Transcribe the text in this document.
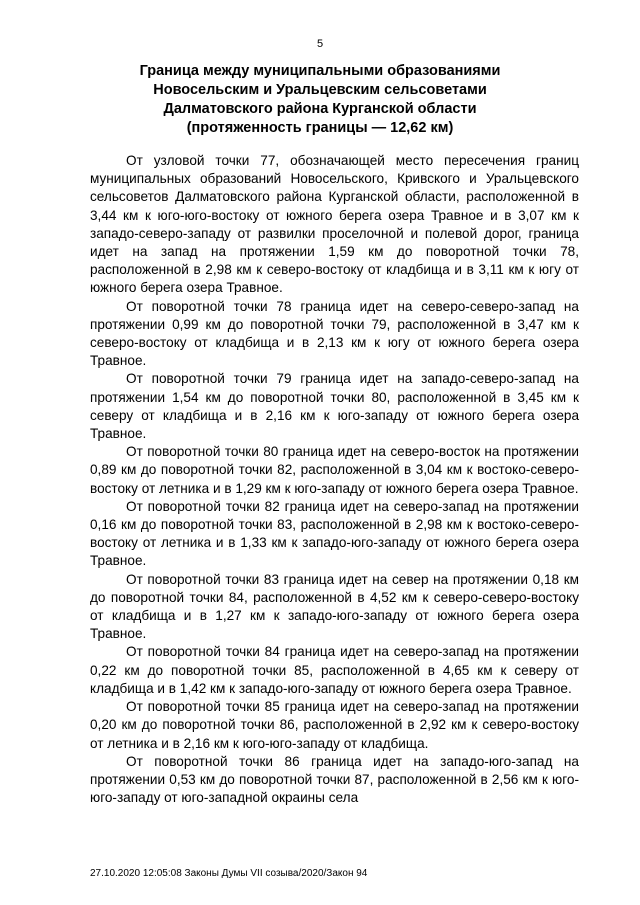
5
Граница между муниципальными образованиями
Новосельским и Уральцевским сельсоветами
Далматовского района Курганской области
(протяженность границы — 12,62 км)

От узловой точки 77, обозначающей место пересечения границ муниципальных образований Новосельского, Кривского и Уральцевского сельсоветов Далматовского района Курганской области, расположенной в 3,44 км к юго-юго-востоку от южного берега озера Травное и в 3,07 км к западо-северо-западу от развилки проселочной и полевой дорог, граница идет на запад на протяжении 1,59 км до поворотной точки 78, расположенной в 2,98 км к северо-востоку от кладбища и в 3,11 км к югу от южного берега озера Травное.

От поворотной точки 78 граница идет на северо-северо-запад на протяжении 0,99 км до поворотной точки 79, расположенной в 3,47 км к северо-востоку от кладбища и в 2,13 км к югу от южного берега озера Травное.

От поворотной точки 79 граница идет на западо-северо-запад на протяжении 1,54 км до поворотной точки 80, расположенной в 3,45 км к северу от кладбища и в 2,16 км к юго-западу от южного берега озера Травное.

От поворотной точки 80 граница идет на северо-восток на протяжении 0,89 км до поворотной точки 82, расположенной в 3,04 км к востоко-северо-востоку от летника и в 1,29 км к юго-западу от южного берега озера Травное.

От поворотной точки 82 граница идет на северо-запад на протяжении 0,16 км до поворотной точки 83, расположенной в 2,98 км к востоко-северо-востоку от летника и в 1,33 км к западо-юго-западу от южного берега озера Травное.

От поворотной точки 83 граница идет на север на протяжении 0,18 км до поворотной точки 84, расположенной в 4,52 км к северо-северо-востоку от кладбища и в 1,27 км к западо-юго-западу от южного берега озера Травное.

От поворотной точки 84 граница идет на северо-запад на протяжении 0,22 км до поворотной точки 85, расположенной в 4,65 км к северу от кладбища и в 1,42 км к западо-юго-западу от южного берега озера Травное.

От поворотной точки 85 граница идет на северо-запад на протяжении 0,20 км до поворотной точки 86, расположенной в 2,92 км к северо-востоку от летника и в 2,16 км к юго-юго-западу от кладбища.

От поворотной точки 86 граница идет на западо-юго-запад на протяжении 0,53 км до поворотной точки 87, расположенной в 2,56 км к юго-юго-западу от юго-западной окраины села

27.10.2020 12:05:08 Законы Думы VII созыва/2020/Закон 94
